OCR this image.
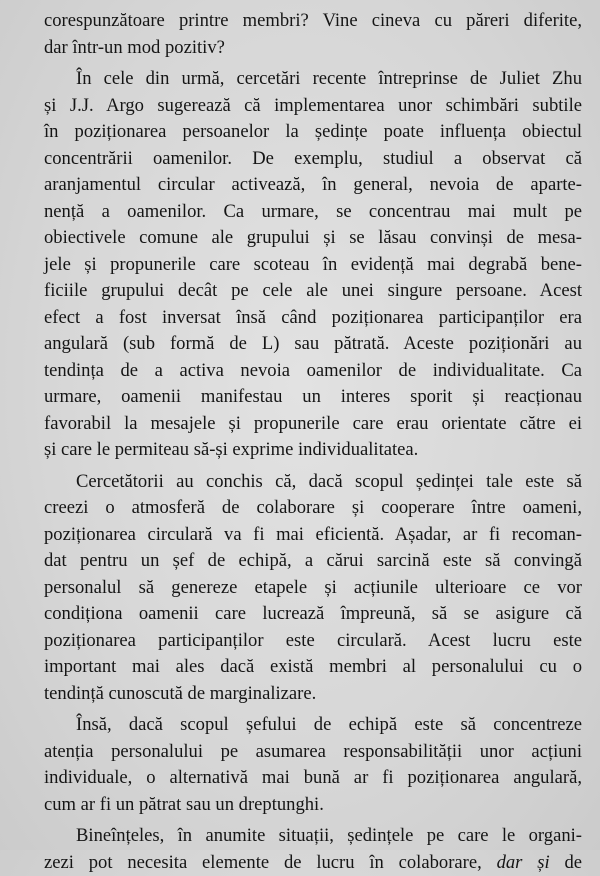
corespunzătoare printre membri? Vine cineva cu păreri diferite,
dar într-un mod pozitiv?
În cele din urmă, cercetări recente întreprinse de Juliet Zhu
și J.J. Argo sugerează că implementarea unor schimbări subtile
în poziționarea persoanelor la ședințe poate influența obiectul
concentrării oamenilor. De exemplu, studiul a observat că
aranjamentul circular activează, în general, nevoia de aparte-
nență a oamenilor. Ca urmare, se concentrau mai mult pe
obiectivele comune ale grupului și se lăsau convinși de mesa-
jele și propunerile care scoteau în evidență mai degrabă bene-
ficiile grupului decât pe cele ale unei singure persoane. Acest
efect a fost inversat însă când poziționarea participanților era
angulară (sub formă de L) sau pătrată. Aceste poziționări au
tendința de a activa nevoia oamenilor de individualitate. Ca
urmare, oamenii manifestau un interes sporit și reacționau
favorabil la mesajele și propunerile care erau orientate către ei
și care le permiteau să-și exprime individualitatea.
Cercetătorii au conchis că, dacă scopul ședinței tale este să
creezi o atmosferă de colaborare și cooperare între oameni,
poziționarea circulară va fi mai eficientă. Așadar, ar fi recoman-
dat pentru un șef de echipă, a cărui sarcină este să convingă
personalul să genereze etapele și acțiunile ulterioare ce vor
condiționa oamenii care lucrează împreună, să se asigure că
poziționarea participanților este circulară. Acest lucru este
important mai ales dacă există membri al personalului cu o
tendință cunoscută de marginalizare.
Însă, dacă scopul șefului de echipă este să concentreze
atenția personalului pe asumarea responsabilității unor acțiuni
individuale, o alternativă mai bună ar fi poziționarea angulară,
cum ar fi un pătrat sau un dreptunghi.
Bineînțeles, în anumite situații, ședințele pe care le organi-
zezi pot necesita elemente de lucru în colaborare, dar și de
